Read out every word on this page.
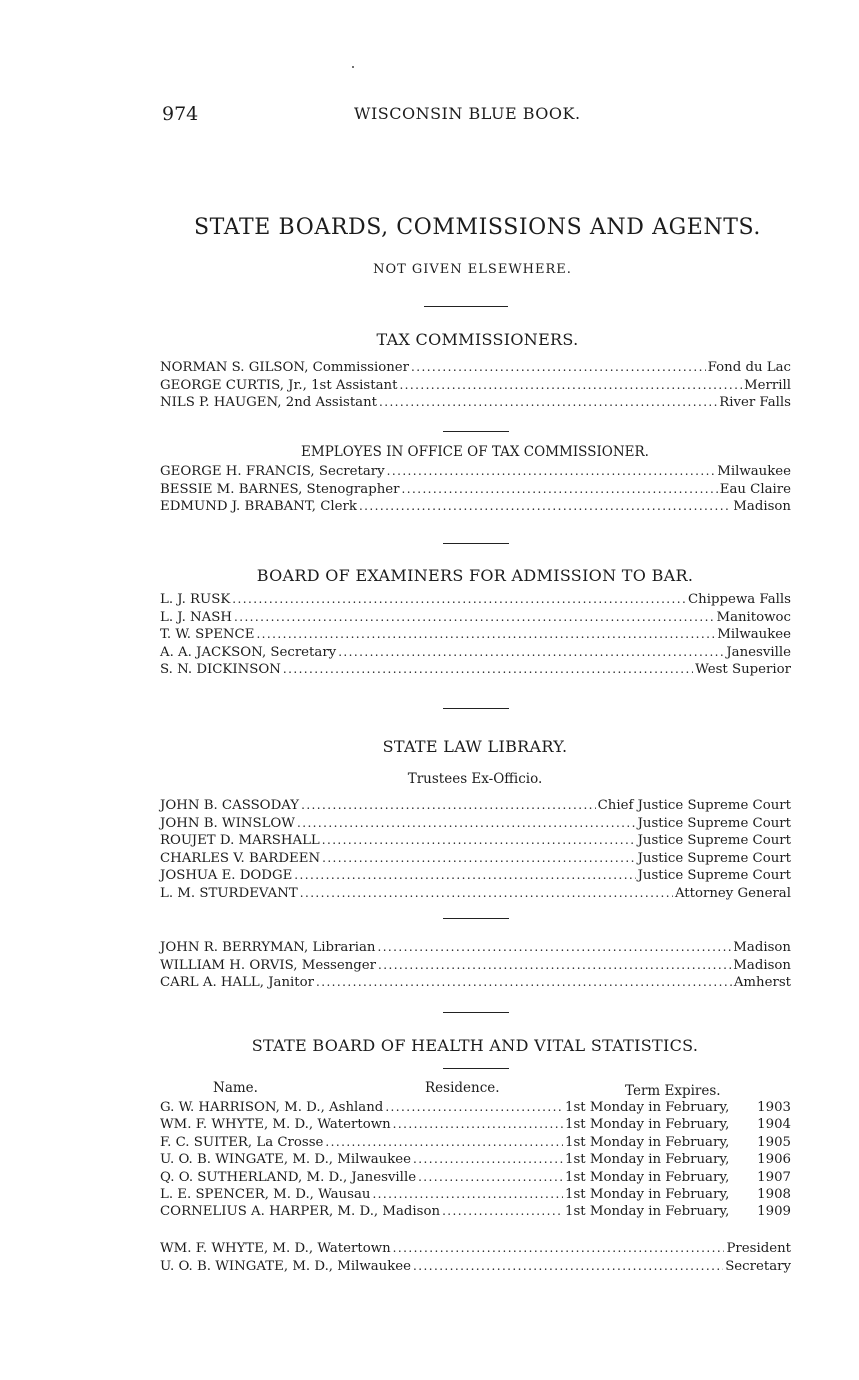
974	WISCONSIN BLUE BOOK.
STATE BOARDS, COMMISSIONS AND AGENTS.
NOT GIVEN ELSEWHERE.
TAX COMMISSIONERS.
NORMAN S. GILSON, Commissioner . . .	Fond du Lac
GEORGE CURTIS, Jr., 1st Assistant . . .	Merrill
NILS P. HAUGEN, 2nd Assistant . . .	River Falls
EMPLOYES IN OFFICE OF TAX COMMISSIONER.
GEORGE H. FRANCIS, Secretary . . .	Milwaukee
BESSIE M. BARNES, Stenographer . . .	Eau Claire
EDMUND J. BRABANT, Clerk . . .	Madison
BOARD OF EXAMINERS FOR ADMISSION TO BAR.
L. J. RUSK . . .	Chippewa Falls
L. J. NASH . . .	Manitowoc
T. W. SPENCE . . .	Milwaukee
A. A. JACKSON, Secretary . . .	Janesville
S. N. DICKINSON . . .	West Superior
STATE LAW LIBRARY.
Trustees Ex-Officio.
JOHN B. CASSODAY . . .	Chief Justice Supreme Court
JOHN B. WINSLOW . . .	Justice Supreme Court
ROUJET D. MARSHALL . . .	Justice Supreme Court
CHARLES V. BARDEEN . . .	Justice Supreme Court
JOSHUA E. DODGE . . .	Justice Supreme Court
L. M. STURDEVANT . . .	Attorney General
JOHN R. BERRYMAN, Librarian . . .	Madison
WILLIAM H. ORVIS, Messenger . . .	Madison
CARL A. HALL, Janitor . . .	Amherst
STATE BOARD OF HEALTH AND VITAL STATISTICS.
Name.	Residence.	Term Expires.
G. W. HARRISON, M. D., Ashland . . .	1st Monday in February, 1903
WM. F. WHYTE, M. D., Watertown . . .	1st Monday in February, 1904
F. C. SUITER, La Crosse . . .	1st Monday in February, 1905
U. O. B. WINGATE, M. D., Milwaukee . . .	1st Monday in February, 1906
Q. O. SUTHERLAND, M. D., Janesville . . .	1st Monday in February, 1907
L. E. SPENCER, M. D., Wausau . . .	1st Monday in February, 1908
CORNELIUS A. HARPER, M. D., Madison . . .	1st Monday in February, 1909
WM. F. WHYTE, M. D., Watertown . . .	President
U. O. B. WINGATE, M. D., Milwaukee . . .	Secretary
